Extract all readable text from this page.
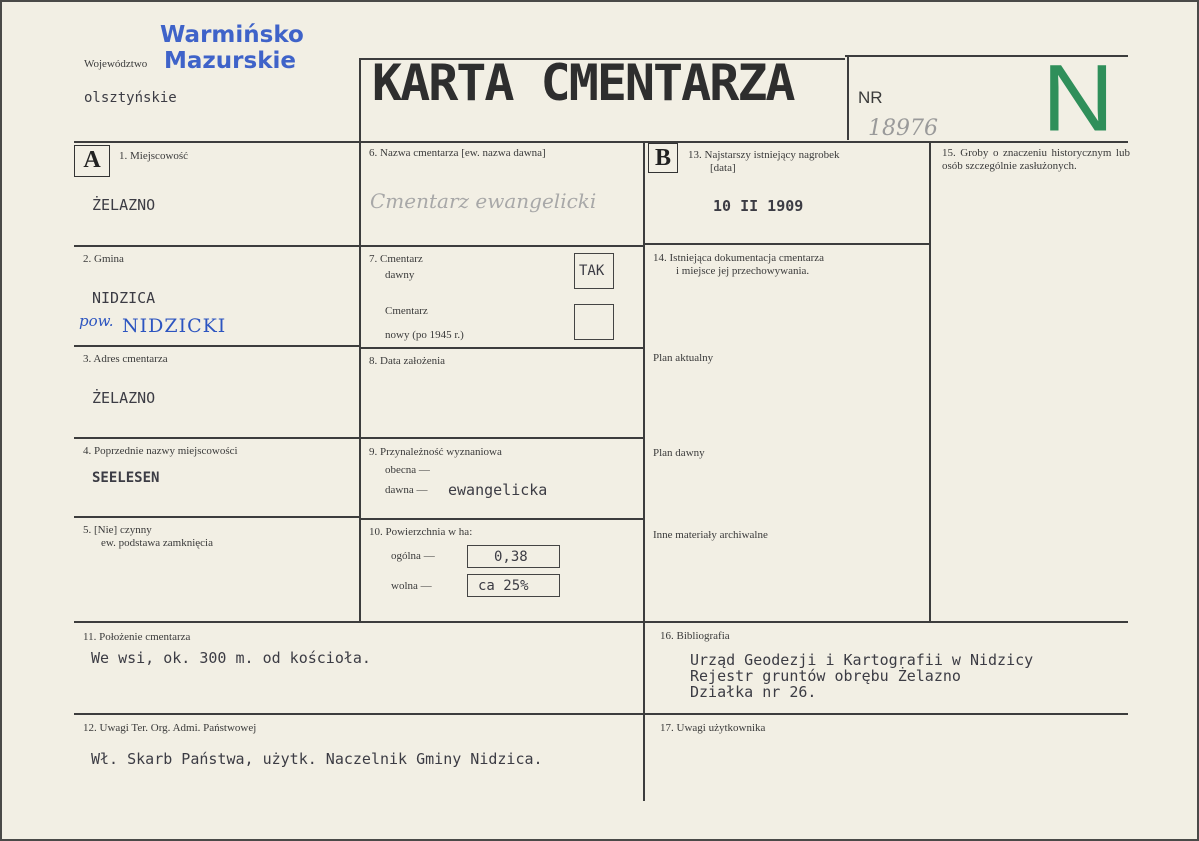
Województwo
Warmińsko
Mazurskie
olsztyńskie	KARTA CMENTARZA	NR N
18976
A	1. Miejscowość
ŻELAZNO
2. Gmina
NIDZICA
pow. NIDZICKI
3. Adres cmentarza
ŻELAZNO
4. Poprzednie nazwy miejscowości
SEELESEN
5. [Nie] czynny
ew. podstawa zamknięcia
6. Nazwa cmentarza [ew. nazwa dawna]
Cmentarz ewangelicki
7. Cmentarz
dawny	TAK
Cmentarz
nowy (po 1945 r.)
8. Data założenia
9. Przynależność wyznaniowa
obecna —
dawna — ewangelicka
10. Powierzchnia w ha:
ogólna —	0,38
wolna —	ca 25%
B	13. Najstarszy istniejący nagrobek
[data]
10 II 1909
14. Istniejąca dokumentacja cmentarza
i miejsce jej przechowywania.
Plan aktualny
Plan dawny
Inne materiały archiwalne
15. Groby o znaczeniu historycznym lub osób szczególnie zasłużonych.
11. Położenie cmentarza
We wsi, ok. 300 m. od kościoła.
16. Bibliografia
Urząd Geodezji i Kartografii w Nidzicy
Rejestr gruntów obrębu Żelazno
Działka nr 26.
12. Uwagi Ter. Org. Admi. Państwowej
Wł. Skarb Państwa, użytk. Naczelnik Gminy Nidzica.
17. Uwagi użytkownika
